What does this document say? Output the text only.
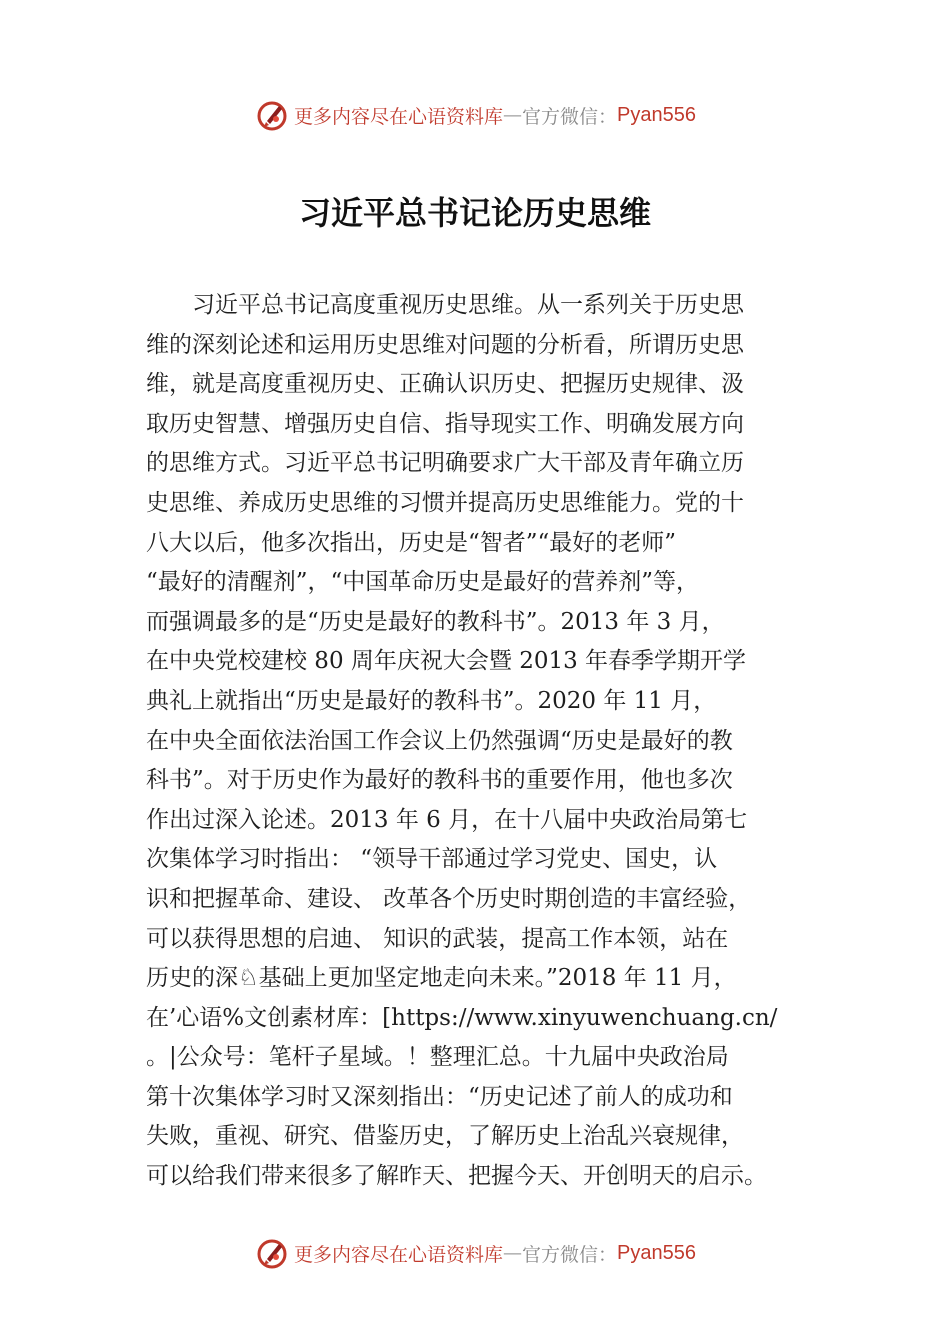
更多内容尽在心语资料库 — 官方微信： Pyan556
习近平总书记论历史思维
　　习近平总书记高度重视历史思维。从一系列关于历史思
维的深刻论述和运用历史思维对问题的分析看，所谓历史思
维，就是高度重视历史、正确认识历史、把握历史规律、汲
取历史智慧、增强历史自信、指导现实工作、明确发展方向
的思维方式。习近平总书记明确要求广大干部及青年确立历
史思维、养成历史思维的习惯并提高历史思维能力。党的十
八大以后，他多次指出，历史是“智者”“最好的老师”
“最好的清醒剂”，“中国革命历史是最好的营养剂”等，
而强调最多的是“历史是最好的教科书”。2013 年 3 月，
在中央党校建校 80 周年庆祝大会暨 2013 年春季学期开学
典礼上就指出“历史是最好的教科书”。2020 年 11 月，
在中央全面依法治国工作会议上仍然强调“历史是最好的教
科书”。对于历史作为最好的教科书的重要作用，他也多次
作出过深入论述。2013 年 6 月，在十八届中央政治局第七
次集体学习时指出： “领导干部通过学习党史、国史，认
识和把握革命、建设、 改革各个历史时期创造的丰富经验，
可以获得思想的启迪、 知识的武装，提高工作本领，站在
历史的深♘基础上更加坚定地走向未来。”2018 年 11 月，
在’心语%文创素材库：[https://www.xinyuwenchuang.cn/
。|公众号：笔杆子星域。！整理汇总。十九届中央政治局
第十次集体学习时又深刻指出：“历史记述了前人的成功和
失败，重视、研究、借鉴历史，了解历史上治乱兴衰规律，
可以给我们带来很多了解昨天、把握今天、开创明天的启示。
更多内容尽在心语资料库 — 官方微信： Pyan556
